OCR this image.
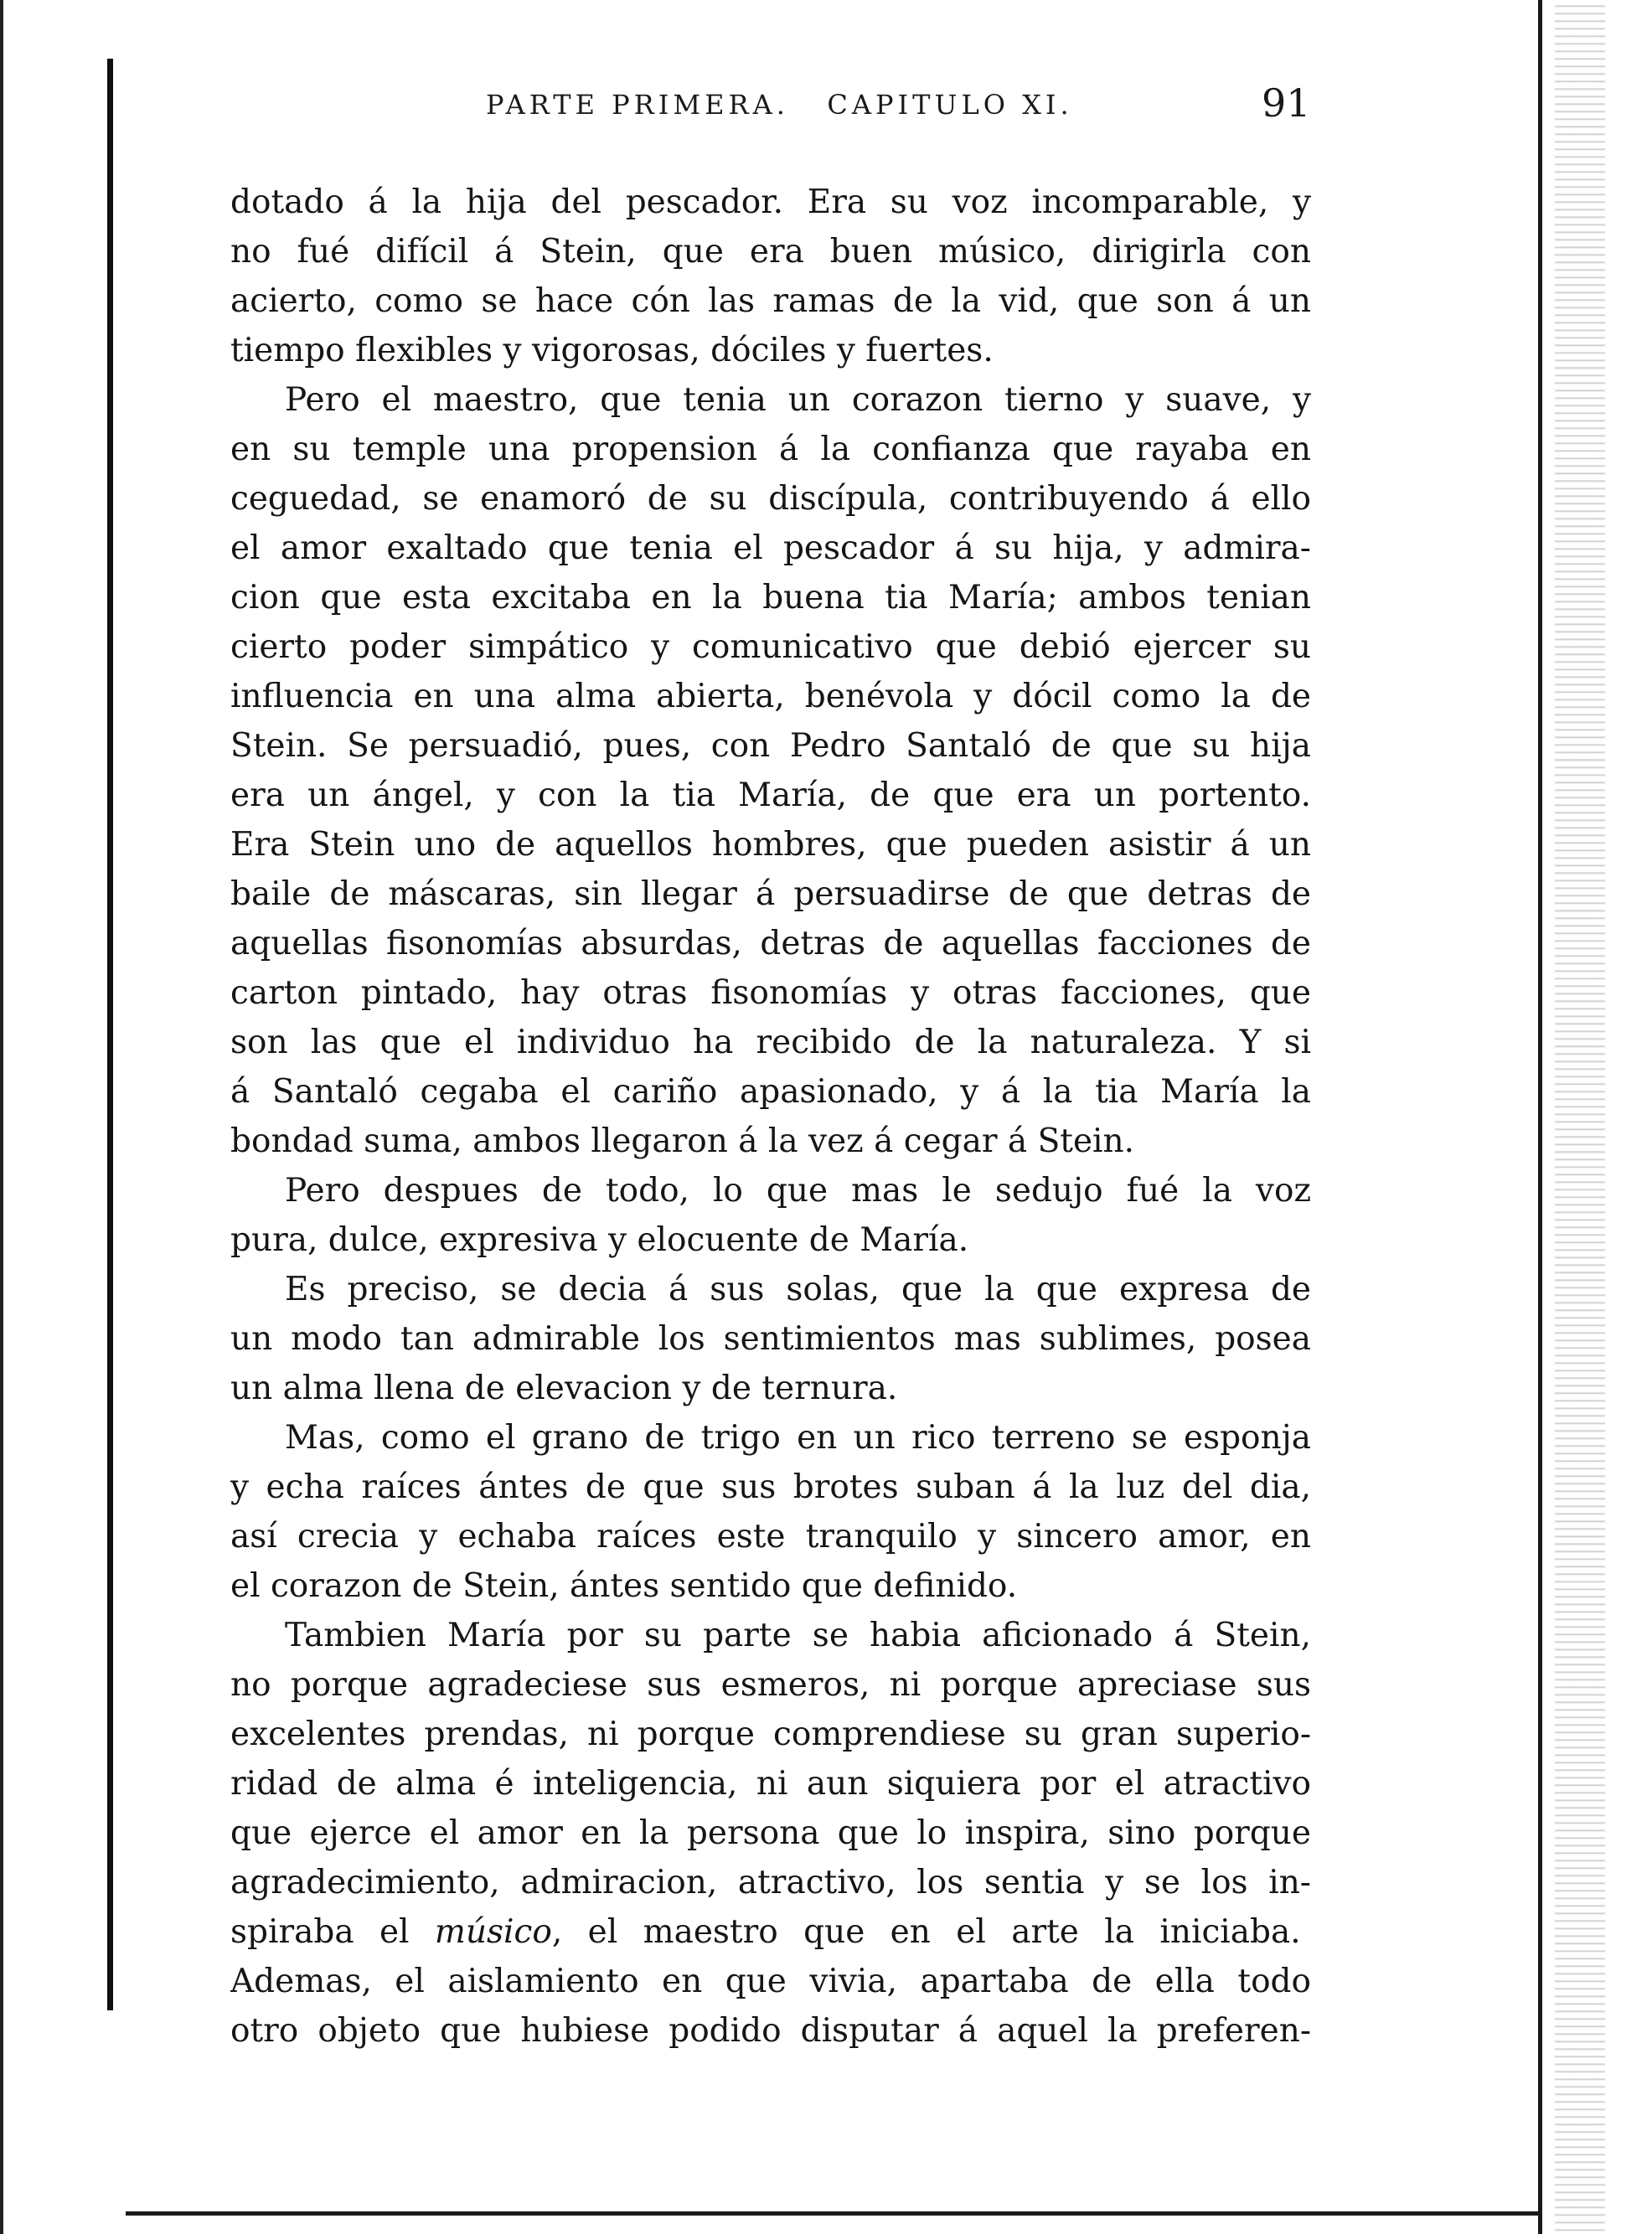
PARTE PRIMERA.   CAPITULO XI.	91
dotado á la hija del pescador. Era su voz incomparable, y
no fué difícil á Stein, que era buen músico, dirigirla con
acierto, como se hace cón las ramas de la vid, que son á un
tiempo flexibles y vigorosas, dóciles y fuertes.
Pero el maestro, que tenia un corazon tierno y suave, y
en su temple una propension á la confianza que rayaba en
ceguedad, se enamoró de su discípula, contribuyendo á ello
el amor exaltado que tenia el pescador á su hija, y admira-
cion que esta excitaba en la buena tia María; ambos tenian
cierto poder simpático y comunicativo que debió ejercer su
influencia en una alma abierta, benévola y dócil como la de
Stein. Se persuadió, pues, con Pedro Santaló de que su hija
era un ángel, y con la tia María, de que era un portento.
Era Stein uno de aquellos hombres, que pueden asistir á un
baile de máscaras, sin llegar á persuadirse de que detras de
aquellas fisonomías absurdas, detras de aquellas facciones de
carton pintado, hay otras fisonomías y otras facciones, que
son las que el individuo ha recibido de la naturaleza. Y si
á Santaló cegaba el cariño apasionado, y á la tia María la
bondad suma, ambos llegaron á la vez á cegar á Stein.
Pero despues de todo, lo que mas le sedujo fué la voz
pura, dulce, expresiva y elocuente de María.
Es preciso, se decia á sus solas, que la que expresa de
un modo tan admirable los sentimientos mas sublimes, posea
un alma llena de elevacion y de ternura.
Mas, como el grano de trigo en un rico terreno se esponja
y echa raíces ántes de que sus brotes suban á la luz del dia,
así crecia y echaba raíces este tranquilo y sincero amor, en
el corazon de Stein, ántes sentido que definido.
Tambien María por su parte se habia aficionado á Stein,
no porque agradeciese sus esmeros, ni porque apreciase sus
excelentes prendas, ni porque comprendiese su gran superio-
ridad de alma é inteligencia, ni aun siquiera por el atractivo
que ejerce el amor en la persona que lo inspira, sino porque
agradecimiento, admiracion, atractivo, los sentia y se los in-
spiraba el músico, el maestro que en el arte la iniciaba.
Ademas, el aislamiento en que vivia, apartaba de ella todo
otro objeto que hubiese podido disputar á aquel la preferen-
